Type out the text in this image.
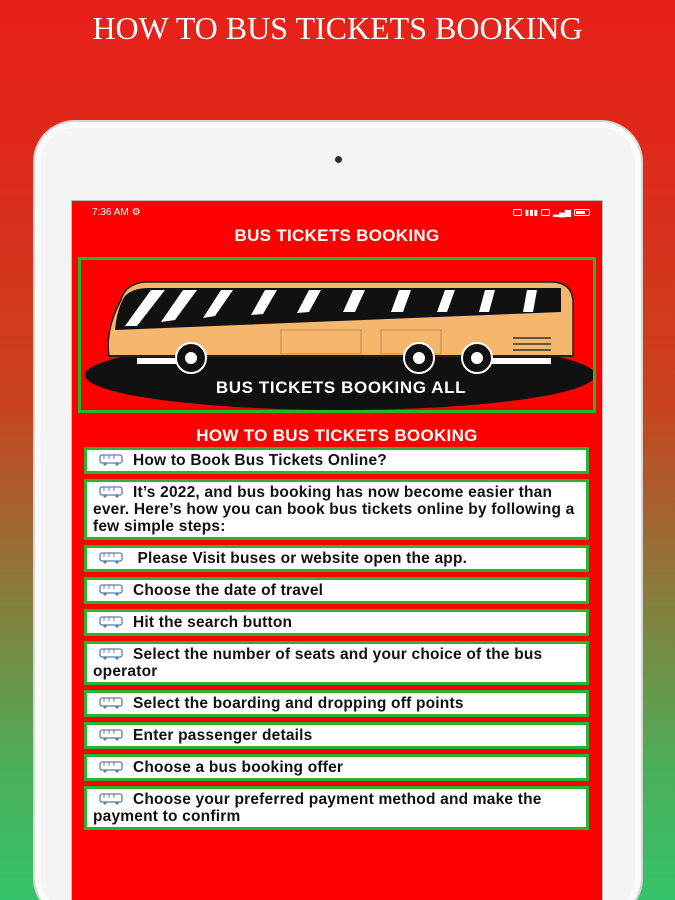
HOW TO BUS TICKETS BOOKING
7:36 AM ⚙	▮▮▮ ▂▄▆
BUS TICKETS BOOKING
BUS TICKETS BOOKING ALL
HOW TO BUS TICKETS BOOKING
How to Book Bus Tickets Online?
It’s 2022, and bus booking has now become easier than ever. Here’s how you can book bus tickets online by following a few simple steps:
Please Visit buses or website open the app.
Choose the date of travel
Hit the search button
Select the number of seats and your choice of the bus operator
Select the boarding and dropping off points
Enter passenger details
Choose a bus booking offer
Choose your preferred payment method and make the payment to confirm
